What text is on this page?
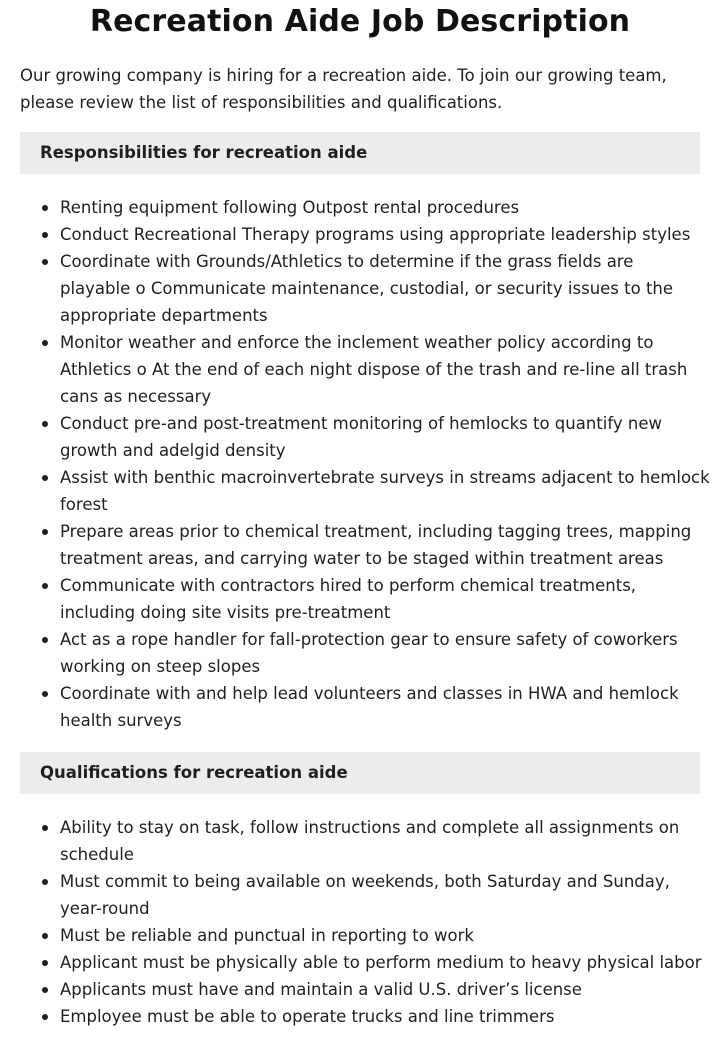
Recreation Aide Job Description

Our growing company is hiring for a recreation aide. To join our growing team,
please review the list of responsibilities and qualifications.

Responsibilities for recreation aide
Renting equipment following Outpost rental procedures
Conduct Recreational Therapy programs using appropriate leadership styles
Coordinate with Grounds/Athletics to determine if the grass fields are
playable o Communicate maintenance, custodial, or security issues to the
appropriate departments
Monitor weather and enforce the inclement weather policy according to
Athletics o At the end of each night dispose of the trash and re-line all trash
cans as necessary
Conduct pre-and post-treatment monitoring of hemlocks to quantify new
growth and adelgid density
Assist with benthic macroinvertebrate surveys in streams adjacent to hemlock
forest
Prepare areas prior to chemical treatment, including tagging trees, mapping
treatment areas, and carrying water to be staged within treatment areas
Communicate with contractors hired to perform chemical treatments,
including doing site visits pre-treatment
Act as a rope handler for fall-protection gear to ensure safety of coworkers
working on steep slopes
Coordinate with and help lead volunteers and classes in HWA and hemlock
health surveys
Qualifications for recreation aide
Ability to stay on task, follow instructions and complete all assignments on
schedule
Must commit to being available on weekends, both Saturday and Sunday,
year-round
Must be reliable and punctual in reporting to work
Applicant must be physically able to perform medium to heavy physical labor
Applicants must have and maintain a valid U.S. driver’s license
Employee must be able to operate trucks and line trimmers
